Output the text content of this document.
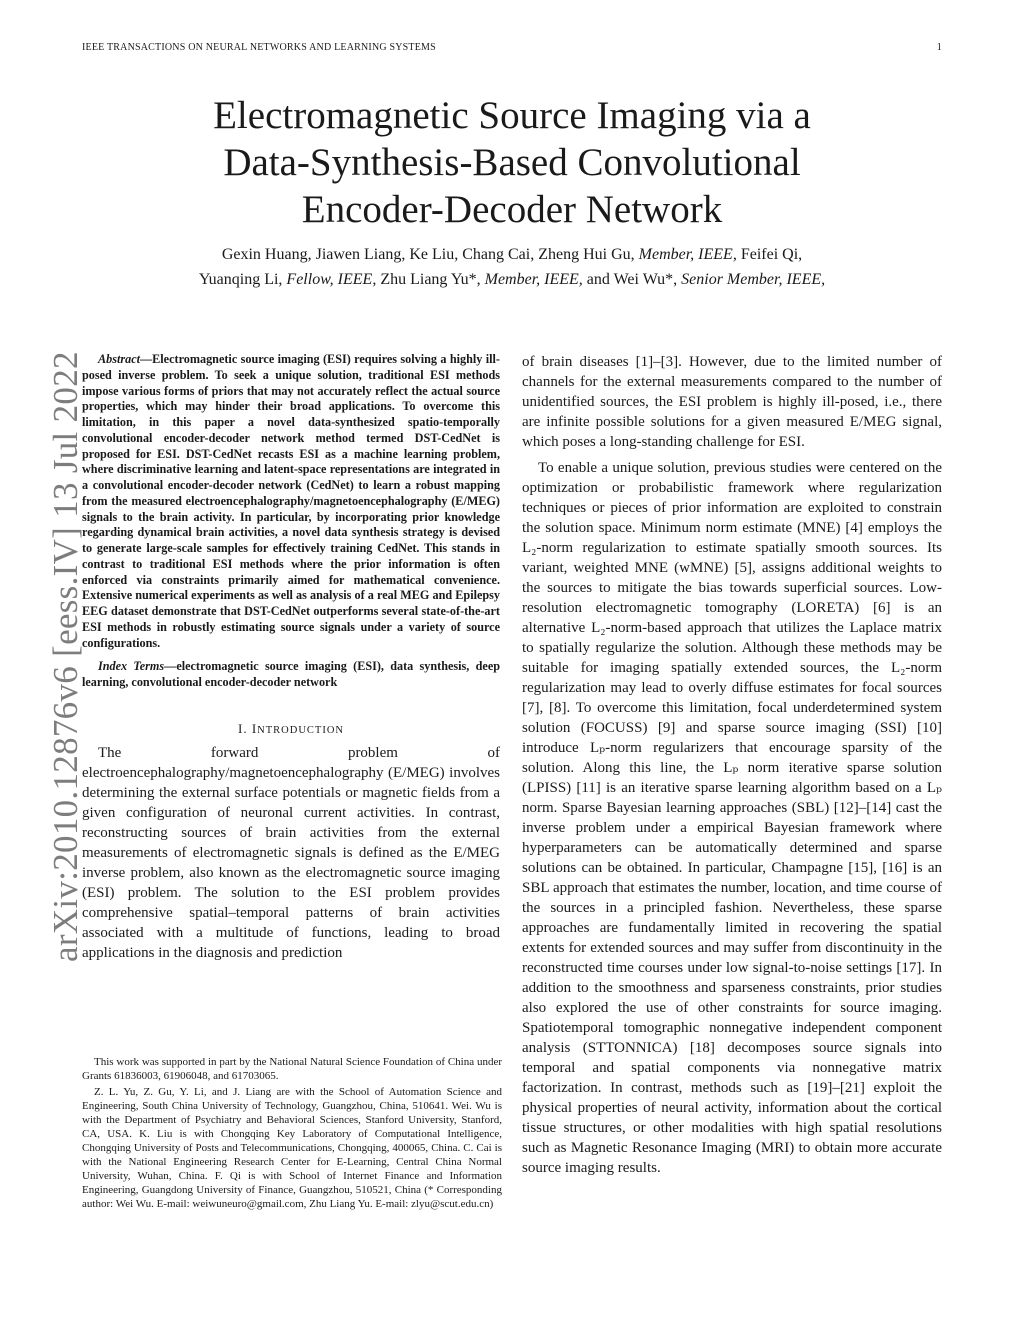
IEEE TRANSACTIONS ON NEURAL NETWORKS AND LEARNING SYSTEMS	1
arXiv:2010.12876v6 [eess.IV] 13 Jul 2022
Electromagnetic Source Imaging via a
Data-Synthesis-Based Convolutional
Encoder-Decoder Network
Gexin Huang, Jiawen Liang, Ke Liu, Chang Cai, Zheng Hui Gu, Member, IEEE, Feifei Qi,
Yuanqing Li, Fellow, IEEE, Zhu Liang Yu*, Member, IEEE, and Wei Wu*, Senior Member, IEEE,

Abstract—Electromagnetic source imaging (ESI) requires solving a highly ill-posed inverse problem. To seek a unique solution, traditional ESI methods impose various forms of priors that may not accurately reflect the actual source properties, which may hinder their broad applications. To overcome this limitation, in this paper a novel data-synthesized spatio-temporally convolutional encoder-decoder network method termed DST-CedNet is proposed for ESI. DST-CedNet recasts ESI as a machine learning problem, where discriminative learning and latent-space representations are integrated in a convolutional encoder-decoder network (CedNet) to learn a robust mapping from the measured electroencephalography/magnetoencephalography (E/MEG) signals to the brain activity. In particular, by incorporating prior knowledge regarding dynamical brain activities, a novel data synthesis strategy is devised to generate large-scale samples for effectively training CedNet. This stands in contrast to traditional ESI methods where the prior information is often enforced via constraints primarily aimed for mathematical convenience. Extensive numerical experiments as well as analysis of a real MEG and Epilepsy EEG dataset demonstrate that DST-CedNet outperforms several state-of-the-art ESI methods in robustly estimating source signals under a variety of source configurations.

Index Terms—electromagnetic source imaging (ESI), data synthesis, deep learning, convolutional encoder-decoder network

I. INTRODUCTION

The forward problem of electroencephalography/magnetoencephalography (E/MEG) involves determining the external surface potentials or magnetic fields from a given configuration of neuronal current activities. In contrast, reconstructing sources of brain activities from the external measurements of electromagnetic signals is defined as the E/MEG inverse problem, also known as the electromagnetic source imaging (ESI) problem. The solution to the ESI problem provides comprehensive spatial–temporal patterns of brain activities associated with a multitude of functions, leading to broad applications in the diagnosis and prediction

This work was supported in part by the National Natural Science Foundation of China under Grants 61836003, 61906048, and 61703065.

Z. L. Yu, Z. Gu, Y. Li, and J. Liang are with the School of Automation Science and Engineering, South China University of Technology, Guangzhou, China, 510641. Wei. Wu is with the Department of Psychiatry and Behavioral Sciences, Stanford University, Stanford, CA, USA. K. Liu is with Chongqing Key Laboratory of Computational Intelligence, Chongqing University of Posts and Telecommunications, Chongqing, 400065, China. C. Cai is with the National Engineering Research Center for E-Learning, Central China Normal University, Wuhan, China. F. Qi is with School of Internet Finance and Information Engineering, Guangdong University of Finance, Guangzhou, 510521, China (* Corresponding author: Wei Wu. E-mail: weiwuneuro@gmail.com, Zhu Liang Yu. E-mail: zlyu@scut.edu.cn)

of brain diseases [1]–[3]. However, due to the limited number of channels for the external measurements compared to the number of unidentified sources, the ESI problem is highly ill-posed, i.e., there are infinite possible solutions for a given measured E/MEG signal, which poses a long-standing challenge for ESI.

To enable a unique solution, previous studies were centered on the optimization or probabilistic framework where regularization techniques or pieces of prior information are exploited to constrain the solution space. Minimum norm estimate (MNE) [4] employs the L₂-norm regularization to estimate spatially smooth sources. Its variant, weighted MNE (wMNE) [5], assigns additional weights to the sources to mitigate the bias towards superficial sources. Low-resolution electromagnetic tomography (LORETA) [6] is an alternative L₂-norm-based approach that utilizes the Laplace matrix to spatially regularize the solution. Although these methods may be suitable for imaging spatially extended sources, the L₂-norm regularization may lead to overly diffuse estimates for focal sources [7], [8]. To overcome this limitation, focal underdetermined system solution (FOCUSS) [9] and sparse source imaging (SSI) [10] introduce Lₚ-norm regularizers that encourage sparsity of the solution. Along this line, the Lₚ norm iterative sparse solution (LPISS) [11] is an iterative sparse learning algorithm based on a Lₚ norm. Sparse Bayesian learning approaches (SBL) [12]–[14] cast the inverse problem under a empirical Bayesian framework where hyperparameters can be automatically determined and sparse solutions can be obtained. In particular, Champagne [15], [16] is an SBL approach that estimates the number, location, and time course of the sources in a principled fashion. Nevertheless, these sparse approaches are fundamentally limited in recovering the spatial extents for extended sources and may suffer from discontinuity in the reconstructed time courses under low signal-to-noise settings [17]. In addition to the smoothness and sparseness constraints, prior studies also explored the use of other constraints for source imaging. Spatiotemporal tomographic nonnegative independent component analysis (STTONNICA) [18] decomposes source signals into temporal and spatial components via nonnegative matrix factorization. In contrast, methods such as [19]–[21] exploit the physical properties of neural activity, information about the cortical tissue structures, or other modalities with high spatial resolutions such as Magnetic Resonance Imaging (MRI) to obtain more accurate source imaging results.
